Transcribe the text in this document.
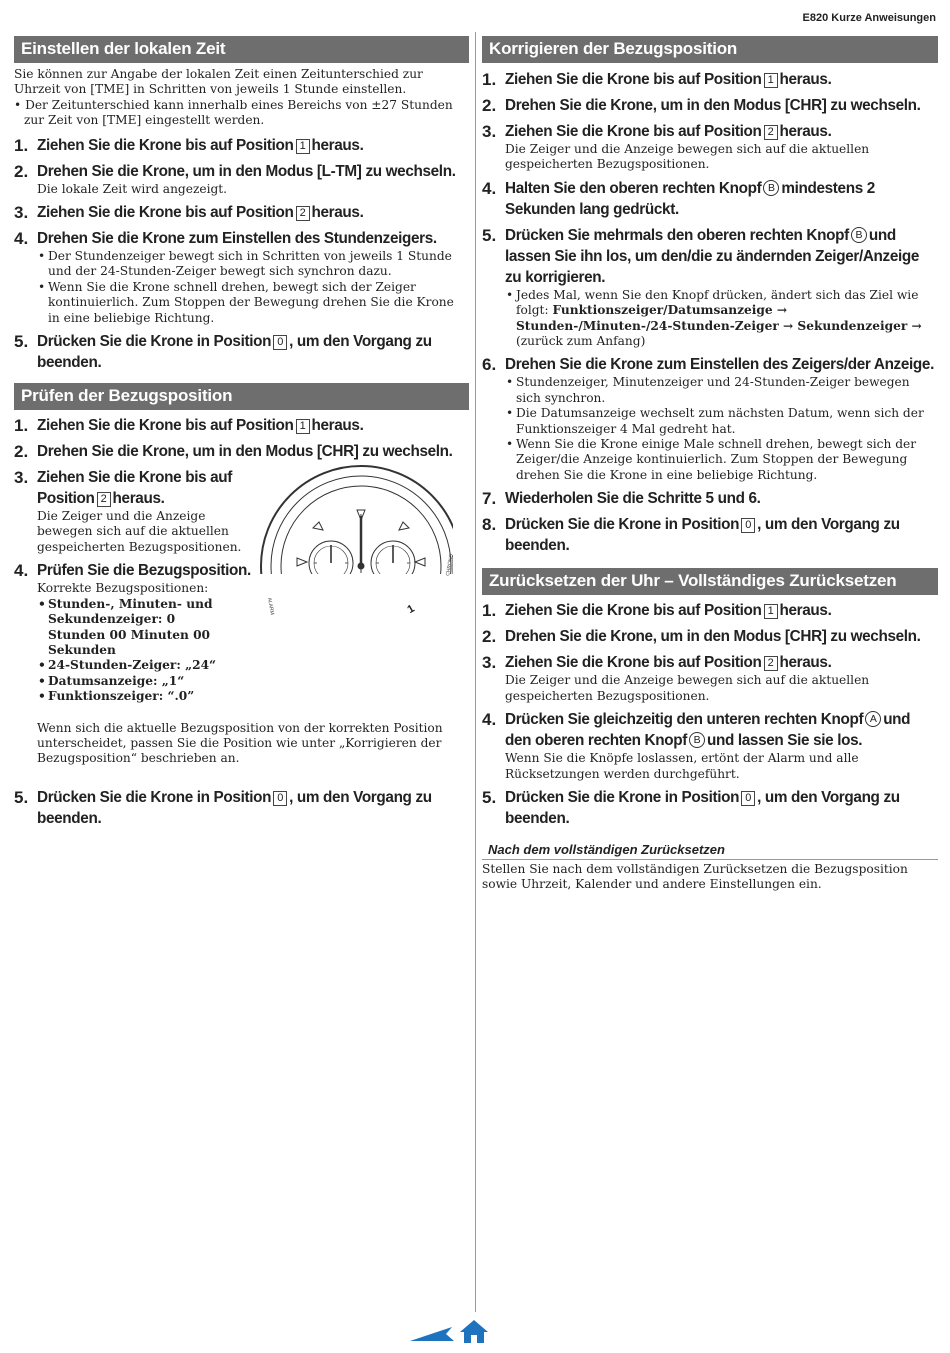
E820 Kurze Anweisungen
Einstellen der lokalen Zeit
Sie können zur Angabe der lokalen Zeit einen Zeitunterschied zur Uhrzeit von [TME] in Schritten von jeweils 1 Stunde einstellen.
• Der Zeitunterschied kann innerhalb eines Bereichs von ±27 Stunden zur Zeit von [TME] eingestellt werden.
1. Ziehen Sie die Krone bis auf Position 1 heraus.
2. Drehen Sie die Krone, um in den Modus [L-TM] zu wechseln.
Die lokale Zeit wird angezeigt.
3. Ziehen Sie die Krone bis auf Position 2 heraus.
4. Drehen Sie die Krone zum Einstellen des Stundenzeigers.
• Der Stundenzeiger bewegt sich in Schritten von jeweils 1 Stunde und der 24-Stunden-Zeiger bewegt sich synchron dazu.
• Wenn Sie die Krone schnell drehen, bewegt sich der Zeiger kontinuierlich. Zum Stoppen der Bewegung drehen Sie die Krone in eine beliebige Richtung.
5. Drücken Sie die Krone in Position 0 , um den Vorgang zu beenden.
Prüfen der Bezugsposition
1. Ziehen Sie die Krone bis auf Position 1 heraus.
2. Drehen Sie die Krone, um in den Modus [CHR] zu wechseln.
3. Ziehen Sie die Krone bis auf
Position 2 heraus.
Die Zeiger und die Anzeige bewegen sich auf die aktuellen gespeicherten Bezugspositionen.
4. Prüfen Sie die Bezugsposition.
Korrekte Bezugspositionen:
• Stunden-, Minuten- und Sekundenzeiger: 0 Stunden 00 Minuten 00 Sekunden
• 24-Stunden-Zeiger: „24“
• Datumsanzeige: „1“
• Funktionszeiger: “.0”
Wenn sich die aktuelle Bezugsposition von der korrekten Position unterscheidet, passen Sie die Position wie unter „Korrigieren der Bezugsposition“ beschrieben an.
5. Drücken Sie die Krone in Position 0 , um den Vorgang zu beenden.
1
ALARM
CHRONO
Korrigieren der Bezugsposition
1. Ziehen Sie die Krone bis auf Position 1 heraus.
2. Drehen Sie die Krone, um in den Modus [CHR] zu wechseln.
3. Ziehen Sie die Krone bis auf Position 2 heraus.
Die Zeiger und die Anzeige bewegen sich auf die aktuellen gespeicherten Bezugspositionen.
4. Halten Sie den oberen rechten Knopf B mindestens 2 Sekunden lang gedrückt.
5. Drücken Sie mehrmals den oberen rechten Knopf B und lassen Sie ihn los, um den/die zu ändernden Zeiger/Anzeige zu korrigieren.
• Jedes Mal, wenn Sie den Knopf drücken, ändert sich das Ziel wie folgt: Funktionszeiger/Datumsanzeige → Stunden-/Minuten-/24-Stunden-Zeiger → Sekundenzeiger → (zurück zum Anfang)
6. Drehen Sie die Krone zum Einstellen des Zeigers/der Anzeige.
• Stundenzeiger, Minutenzeiger und 24-Stunden-Zeiger bewegen sich synchron.
• Die Datumsanzeige wechselt zum nächsten Datum, wenn sich der Funktionszeiger 4 Mal gedreht hat.
• Wenn Sie die Krone einige Male schnell drehen, bewegt sich der Zeiger/die Anzeige kontinuierlich. Zum Stoppen der Bewegung drehen Sie die Krone in eine beliebige Richtung.
7. Wiederholen Sie die Schritte 5 und 6.
8. Drücken Sie die Krone in Position 0 , um den Vorgang zu beenden.
Zurücksetzen der Uhr – Vollständiges Zurücksetzen
1. Ziehen Sie die Krone bis auf Position 1 heraus.
2. Drehen Sie die Krone, um in den Modus [CHR] zu wechseln.
3. Ziehen Sie die Krone bis auf Position 2 heraus.
Die Zeiger und die Anzeige bewegen sich auf die aktuellen gespeicherten Bezugspositionen.
4. Drücken Sie gleichzeitig den unteren rechten Knopf A und den oberen rechten Knopf B und lassen Sie sie los.
Wenn Sie die Knöpfe loslassen, ertönt der Alarm und alle Rücksetzungen werden durchgeführt.
5. Drücken Sie die Krone in Position 0 , um den Vorgang zu beenden.
Nach dem vollständigen Zurücksetzen
Stellen Sie nach dem vollständigen Zurücksetzen die Bezugsposition sowie Uhrzeit, Kalender und andere Einstellungen ein.
